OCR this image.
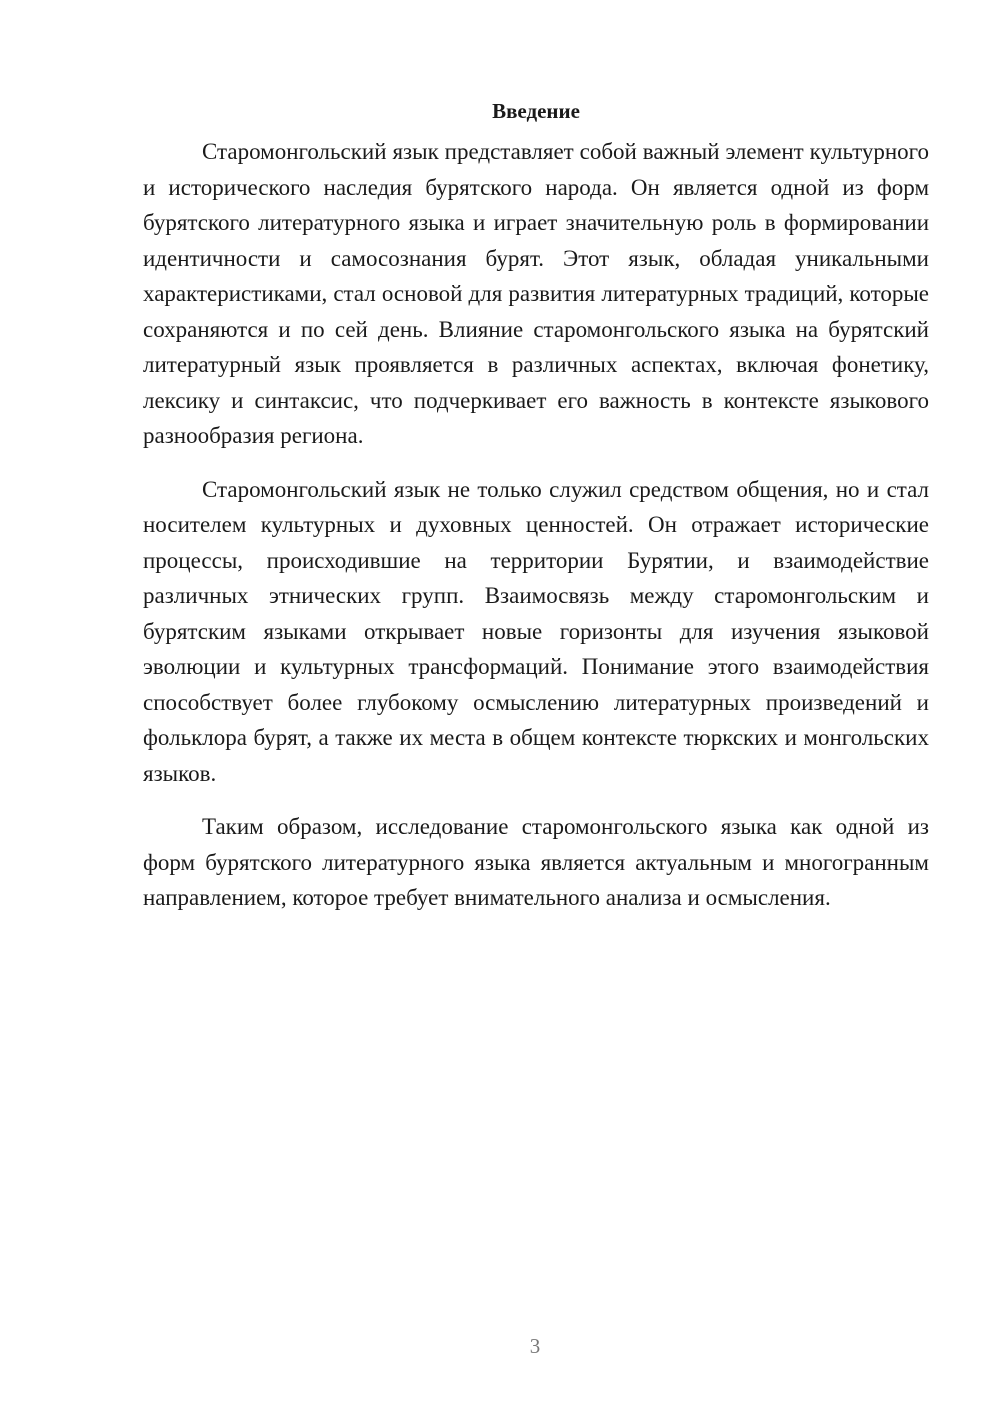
Введение

Старомонгольский язык представляет собой важный элемент культурного и исторического наследия бурятского народа. Он является одной из форм бурятского литературного языка и играет значительную роль в формировании идентичности и самосознания бурят. Этот язык, обладая уникальными характеристиками, стал основой для развития литературных традиций, которые сохраняются и по сей день. Влияние старомонгольского языка на бурятский литературный язык проявляется в различных аспектах, включая фонетику, лексику и синтаксис, что подчеркивает его важность в контексте языкового разнообразия региона.

Старомонгольский язык не только служил средством общения, но и стал носителем культурных и духовных ценностей. Он отражает исторические процессы, происходившие на территории Бурятии, и взаимодействие различных этнических групп. Взаимосвязь между старомонгольским и бурятским языками открывает новые горизонты для изучения языковой эволюции и культурных трансформаций. Понимание этого взаимодействия способствует более глубокому осмыслению литературных произведений и фольклора бурят, а также их места в общем контексте тюркских и монгольских языков.

Таким образом, исследование старомонгольского языка как одной из форм бурятского литературного языка является актуальным и многогранным направлением, которое требует внимательного анализа и осмысления.

3
